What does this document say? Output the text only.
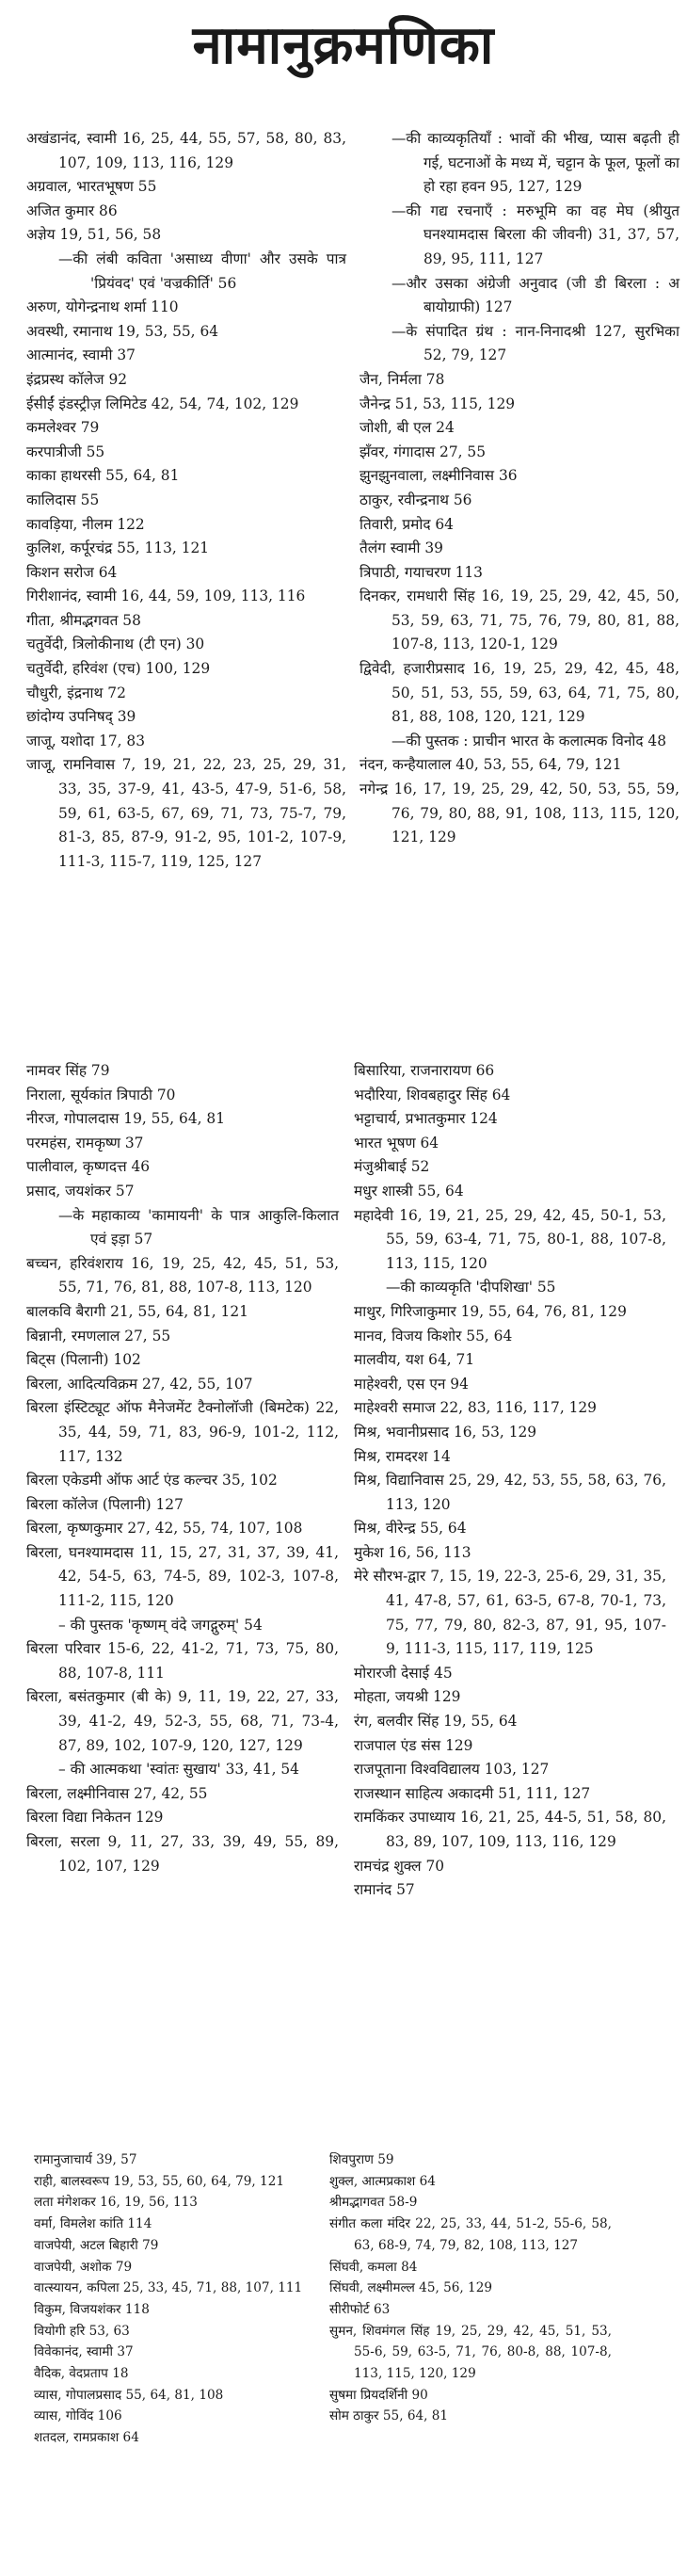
नामानुक्रमणिका
अखंडानंद, स्वामी 16, 25, 44, 55, 57, 58, 80, 83, 107, 109, 113, 116, 129
अग्रवाल, भारतभूषण 55
अजित कुमार 86
अज्ञेय 19, 51, 56, 58
—की लंबी कविता 'असाध्य वीणा' और उसके पात्र 'प्रियंवद' एवं 'वज्रकीर्ति' 56
अरुण, योगेन्द्रनाथ शर्मा 110
अवस्थी, रमानाथ 19, 53, 55, 64
आत्मानंद, स्वामी 37
इंद्रप्रस्थ कॉलेज 92
ईसीईं इंडस्ट्रीज़ लिमिटेड 42, 54, 74, 102, 129
कमलेश्वर 79
करपात्रीजी 55
काका हाथरसी 55, 64, 81
कालिदास 55
कावड़िया, नीलम 122
कुलिश, कर्पूरचंद्र 55, 113, 121
किशन सरोज 64
गिरीशानंद, स्वामी 16, 44, 59, 109, 113, 116
गीता, श्रीमद्भगवत 58
चतुर्वेदी, त्रिलोकीनाथ (टी एन) 30
चतुर्वेदी, हरिवंश (एच) 100, 129
चौधुरी, इंद्रनाथ 72
छांदोग्य उपनिषद् 39
जाजू, यशोदा 17, 83
जाजू, रामनिवास 7, 19, 21, 22, 23, 25, 29, 31, 33, 35, 37-9, 41, 43-5, 47-9, 51-6, 58, 59, 61, 63-5, 67, 69, 71, 73, 75-7, 79, 81-3, 85, 87-9, 91-2, 95, 101-2, 107-9, 111-3, 115-7, 119, 125, 127
—की काव्यकृतियाँ : भावों की भीख, प्यास बढ़ती ही गई, घटनाओं के मध्य में, चट्टान के फूल, फूलों का हो रहा हवन 95, 127, 129
—की गद्य रचनाएँ : मरुभूमि का वह मेघ (श्रीयुत घनश्यामदास बिरला की जीवनी) 31, 37, 57, 89, 95, 111, 127
—और उसका अंग्रेजी अनुवाद (जी डी बिरला : अ बायोग्राफी) 127
—के संपादित ग्रंथ : नान-निनादश्री 127, सुरभिका 52, 79, 127
जैन, निर्मला 78
जैनेन्द्र 51, 53, 115, 129
जोशी, बी एल 24
झँवर, गंगादास 27, 55
झुनझुनवाला, लक्ष्मीनिवास 36
ठाकुर, रवीन्द्रनाथ 56
तिवारी, प्रमोद 64
तैलंग स्वामी 39
त्रिपाठी, गयाचरण 113
दिनकर, रामधारी सिंह 16, 19, 25, 29, 42, 45, 50, 53, 59, 63, 71, 75, 76, 79, 80, 81, 88, 107-8, 113, 120-1, 129
द्विवेदी, हजारीप्रसाद 16, 19, 25, 29, 42, 45, 48, 50, 51, 53, 55, 59, 63, 64, 71, 75, 80, 81, 88, 108, 120, 121, 129
—की पुस्तक : प्राचीन भारत के कलात्मक विनोद 48
नंदन, कन्हैयालाल 40, 53, 55, 64, 79, 121
नगेन्द्र 16, 17, 19, 25, 29, 42, 50, 53, 55, 59, 76, 79, 80, 88, 91, 108, 113, 115, 120, 121, 129
नामवर सिंह 79
निराला, सूर्यकांत त्रिपाठी 70
नीरज, गोपालदास 19, 55, 64, 81
परमहंस, रामकृष्ण 37
पालीवाल, कृष्णदत्त 46
प्रसाद, जयशंकर 57
—के महाकाव्य 'कामायनी' के पात्र आकुलि-किलात एवं इड़ा 57
बच्चन, हरिवंशराय 16, 19, 25, 42, 45, 51, 53, 55, 71, 76, 81, 88, 107-8, 113, 120
बालकवि बैरागी 21, 55, 64, 81, 121
बिन्नानी, रमणलाल 27, 55
बिट्स (पिलानी) 102
बिरला, आदित्यविक्रम 27, 42, 55, 107
बिरला इंस्टिट्यूट ऑफ मैनेजमेंट टैक्नोलॉजी (बिमटेक) 22, 35, 44, 59, 71, 83, 96-9, 101-2, 112, 117, 132
बिरला एकेडमी ऑफ आर्ट एंड कल्चर 35, 102
बिरला कॉलेज (पिलानी) 127
बिरला, कृष्णकुमार 27, 42, 55, 74, 107, 108
बिरला, घनश्यामदास 11, 15, 27, 31, 37, 39, 41, 42, 54-5, 63, 74-5, 89, 102-3, 107-8, 111-2, 115, 120
– की पुस्तक 'कृष्णम् वंदे जगद्गुरुम्' 54
बिरला परिवार 15-6, 22, 41-2, 71, 73, 75, 80, 88, 107-8, 111
बिरला, बसंतकुमार (बी के) 9, 11, 19, 22, 27, 33, 39, 41-2, 49, 52-3, 55, 68, 71, 73-4, 87, 89, 102, 107-9, 120, 127, 129
– की आत्मकथा 'स्वांतः सुखाय' 33, 41, 54
बिरला, लक्ष्मीनिवास 27, 42, 55
बिरला विद्या निकेतन 129
बिरला, सरला 9, 11, 27, 33, 39, 49, 55, 89, 102, 107, 129
बिसारिया, राजनारायण 66
भदौरिया, शिवबहादुर सिंह 64
भट्टाचार्य, प्रभातकुमार 124
भारत भूषण 64
मंजुश्रीबाई 52
मधुर शास्त्री 55, 64
महादेवी 16, 19, 21, 25, 29, 42, 45, 50-1, 53, 55, 59, 63-4, 71, 75, 80-1, 88, 107-8, 113, 115, 120
—की काव्यकृति 'दीपशिखा' 55
माथुर, गिरिजाकुमार 19, 55, 64, 76, 81, 129
मानव, विजय किशोर 55, 64
मालवीय, यश 64, 71
माहेश्वरी, एस एन 94
माहेश्वरी समाज 22, 83, 116, 117, 129
मिश्र, भवानीप्रसाद 16, 53, 129
मिश्र, रामदरश 14
मिश्र, विद्यानिवास 25, 29, 42, 53, 55, 58, 63, 76, 113, 120
मिश्र, वीरेन्द्र 55, 64
मुकेश 16, 56, 113
मेरे सौरभ-द्वार 7, 15, 19, 22-3, 25-6, 29, 31, 35, 41, 47-8, 57, 61, 63-5, 67-8, 70-1, 73, 75, 77, 79, 80, 82-3, 87, 91, 95, 107-9, 111-3, 115, 117, 119, 125
मोरारजी देसाई 45
मोहता, जयश्री 129
रंग, बलवीर सिंह 19, 55, 64
राजपाल एंड संस 129
राजपूताना विश्वविद्यालय 103, 127
राजस्थान साहित्य अकादमी 51, 111, 127
रामकिंकर उपाध्याय 16, 21, 25, 44-5, 51, 58, 80, 83, 89, 107, 109, 113, 116, 129
रामचंद्र शुक्ल 70
रामानंद 57
रामानुजाचार्य 39, 57
राही, बालस्वरूप 19, 53, 55, 60, 64, 79, 121
लता मंगेशकर 16, 19, 56, 113
वर्मा, विमलेश कांति 114
वाजपेयी, अटल बिहारी 79
वाजपेयी, अशोक 79
वात्स्यायन, कपिला 25, 33, 45, 71, 88, 107, 111
विकुम, विजयशंकर 118
वियोगी हरि 53, 63
विवेकानंद, स्वामी 37
वैदिक, वेदप्रताप 18
व्यास, गोपालप्रसाद 55, 64, 81, 108
व्यास, गोविंद 106
शतदल, रामप्रकाश 64
शिवपुराण 59
शुक्ल, आत्मप्रकाश 64
श्रीमद्भागवत 58-9
संगीत कला मंदिर 22, 25, 33, 44, 51-2, 55-6, 58, 63, 68-9, 74, 79, 82, 108, 113, 127
सिंघवी, कमला 84
सिंघवी, लक्ष्मीमल्ल 45, 56, 129
सीरीफोर्ट 63
सुमन, शिवमंगल सिंह 19, 25, 29, 42, 45, 51, 53, 55-6, 59, 63-5, 71, 76, 80-8, 88, 107-8, 113, 115, 120, 129
सुषमा प्रियदर्शिनी 90
सोम ठाकुर 55, 64, 81
